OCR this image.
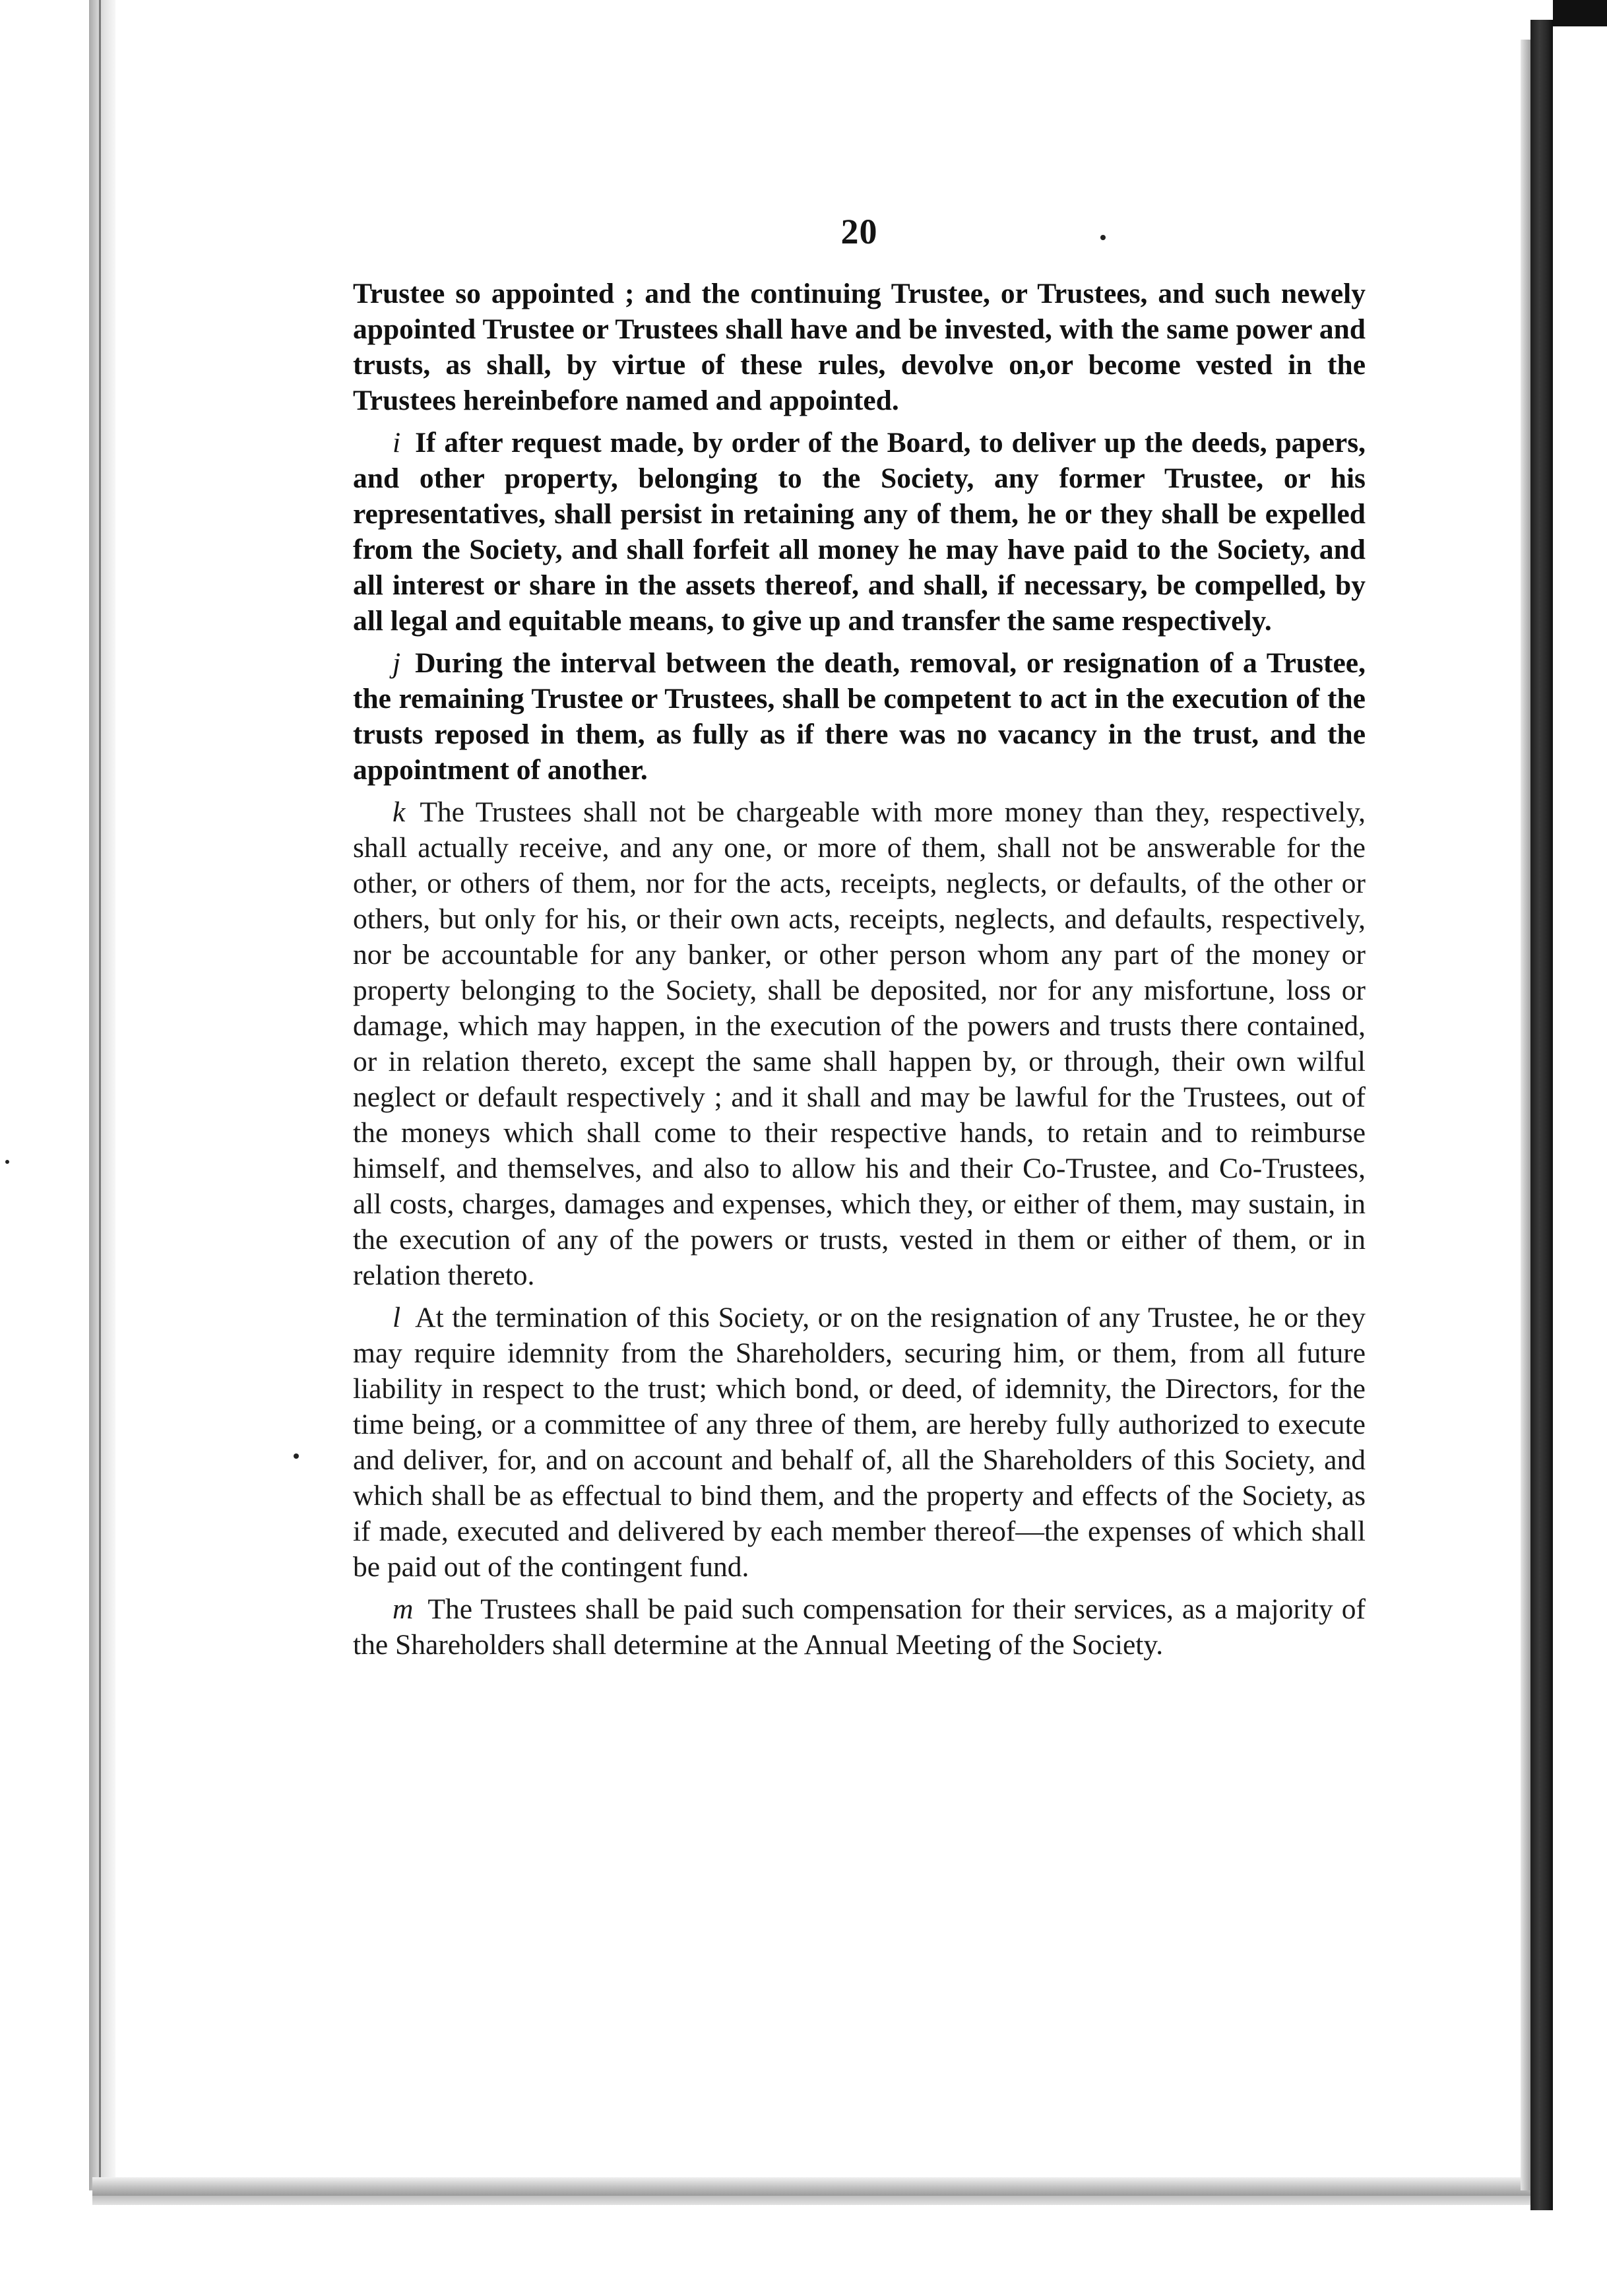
20

Trustee so appointed ; and the continuing Trustee, or Trustees, and such newely appointed Trustee or Trustees shall have and be invested, with the same power and trusts, as shall, by virtue of these rules, devolve on,or become vested in the Trustees hereinbefore named and appointed.

i If after request made, by order of the Board, to deliver up the deeds, papers, and other property, belonging to the Society, any former Trustee, or his representatives, shall persist in retaining any of them, he or they shall be expelled from the Society, and shall forfeit all money he may have paid to the Society, and all interest or share in the assets thereof, and shall, if necessary, be compelled, by all legal and equitable means, to give up and transfer the same respectively.

j During the interval between the death, removal, or resignation of a Trustee, the remaining Trustee or Trustees, shall be competent to act in the execution of the trusts reposed in them, as fully as if there was no vacancy in the trust, and the appointment of another.

k The Trustees shall not be chargeable with more money than they, respectively, shall actually receive, and any one, or more of them, shall not be answerable for the other, or others of them, nor for the acts, receipts, neglects, or defaults, of the other or others, but only for his, or their own acts, receipts, neglects, and defaults, respectively, nor be accountable for any banker, or other person whom any part of the money or property belonging to the Society, shall be deposited, nor for any misfortune, loss or damage, which may happen, in the execution of the powers and trusts there contained, or in relation thereto, except the same shall happen by, or through, their own wilful neglect or default respectively ; and it shall and may be lawful for the Trustees, out of the moneys which shall come to their respective hands, to retain and to reimburse himself, and themselves, and also to allow his and their Co-Trustee, and Co-Trustees, all costs, charges, damages and expenses, which they, or either of them, may sustain, in the execution of any of the powers or trusts, vested in them or either of them, or in relation thereto.

l At the termination of this Society, or on the resignation of any Trustee, he or they may require idemnity from the Shareholders, securing him, or them, from all future liability in respect to the trust; which bond, or deed, of idemnity, the Directors, for the time being, or a committee of any three of them, are hereby fully authorized to execute and deliver, for, and on account and behalf of, all the Shareholders of this Society, and which shall be as effectual to bind them, and the property and effects of the Society, as if made, executed and delivered by each member thereof—the expenses of which shall be paid out of the contingent fund.

m The Trustees shall be paid such compensation for their services, as a majority of the Shareholders shall determine at the Annual Meeting of the Society.
